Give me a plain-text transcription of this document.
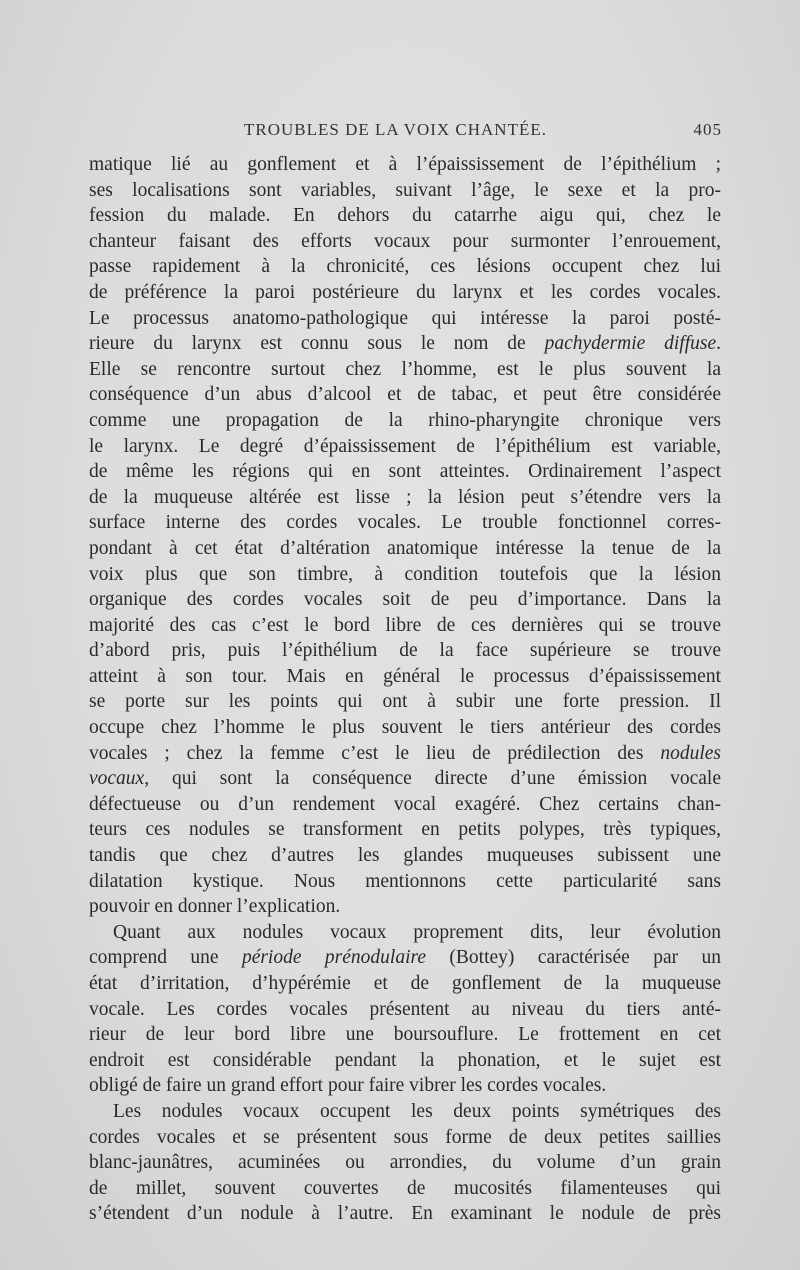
TROUBLES DE LA VOIX CHANTÉE.	405
matique lié au gonflement et à l’épaississement de l’épithélium ;
ses localisations sont variables, suivant l’âge, le sexe et la pro-
fession du malade. En dehors du catarrhe aigu qui, chez le
chanteur faisant des efforts vocaux pour surmonter l’enrouement,
passe rapidement à la chronicité, ces lésions occupent chez lui
de préférence la paroi postérieure du larynx et les cordes vocales.
Le processus anatomo-pathologique qui intéresse la paroi posté-
rieure du larynx est connu sous le nom de pachydermie diffuse.
Elle se rencontre surtout chez l’homme, est le plus souvent la
conséquence d’un abus d’alcool et de tabac, et peut être considérée
comme une propagation de la rhino-pharyngite chronique vers
le larynx. Le degré d’épaississement de l’épithélium est variable,
de même les régions qui en sont atteintes. Ordinairement l’aspect
de la muqueuse altérée est lisse ; la lésion peut s’étendre vers la
surface interne des cordes vocales. Le trouble fonctionnel corres-
pondant à cet état d’altération anatomique intéresse la tenue de la
voix plus que son timbre, à condition toutefois que la lésion
organique des cordes vocales soit de peu d’importance. Dans la
majorité des cas c’est le bord libre de ces dernières qui se trouve
d’abord pris, puis l’épithélium de la face supérieure se trouve
atteint à son tour. Mais en général le processus d’épaississement
se porte sur les points qui ont à subir une forte pression. Il
occupe chez l’homme le plus souvent le tiers antérieur des cordes
vocales ; chez la femme c’est le lieu de prédilection des nodules
vocaux, qui sont la conséquence directe d’une émission vocale
défectueuse ou d’un rendement vocal exagéré. Chez certains chan-
teurs ces nodules se transforment en petits polypes, très typiques,
tandis que chez d’autres les glandes muqueuses subissent une
dilatation kystique. Nous mentionnons cette particularité sans
pouvoir en donner l’explication.
Quant aux nodules vocaux proprement dits, leur évolution
comprend une période prénodulaire (Bottey) caractérisée par un
état d’irritation, d’hypérémie et de gonflement de la muqueuse
vocale. Les cordes vocales présentent au niveau du tiers anté-
rieur de leur bord libre une boursouflure. Le frottement en cet
endroit est considérable pendant la phonation, et le sujet est
obligé de faire un grand effort pour faire vibrer les cordes vocales.
Les nodules vocaux occupent les deux points symétriques des
cordes vocales et se présentent sous forme de deux petites saillies
blanc-jaunâtres, acuminées ou arrondies, du volume d’un grain
de millet, souvent couvertes de mucosités filamenteuses qui
s’étendent d’un nodule à l’autre. En examinant le nodule de près
